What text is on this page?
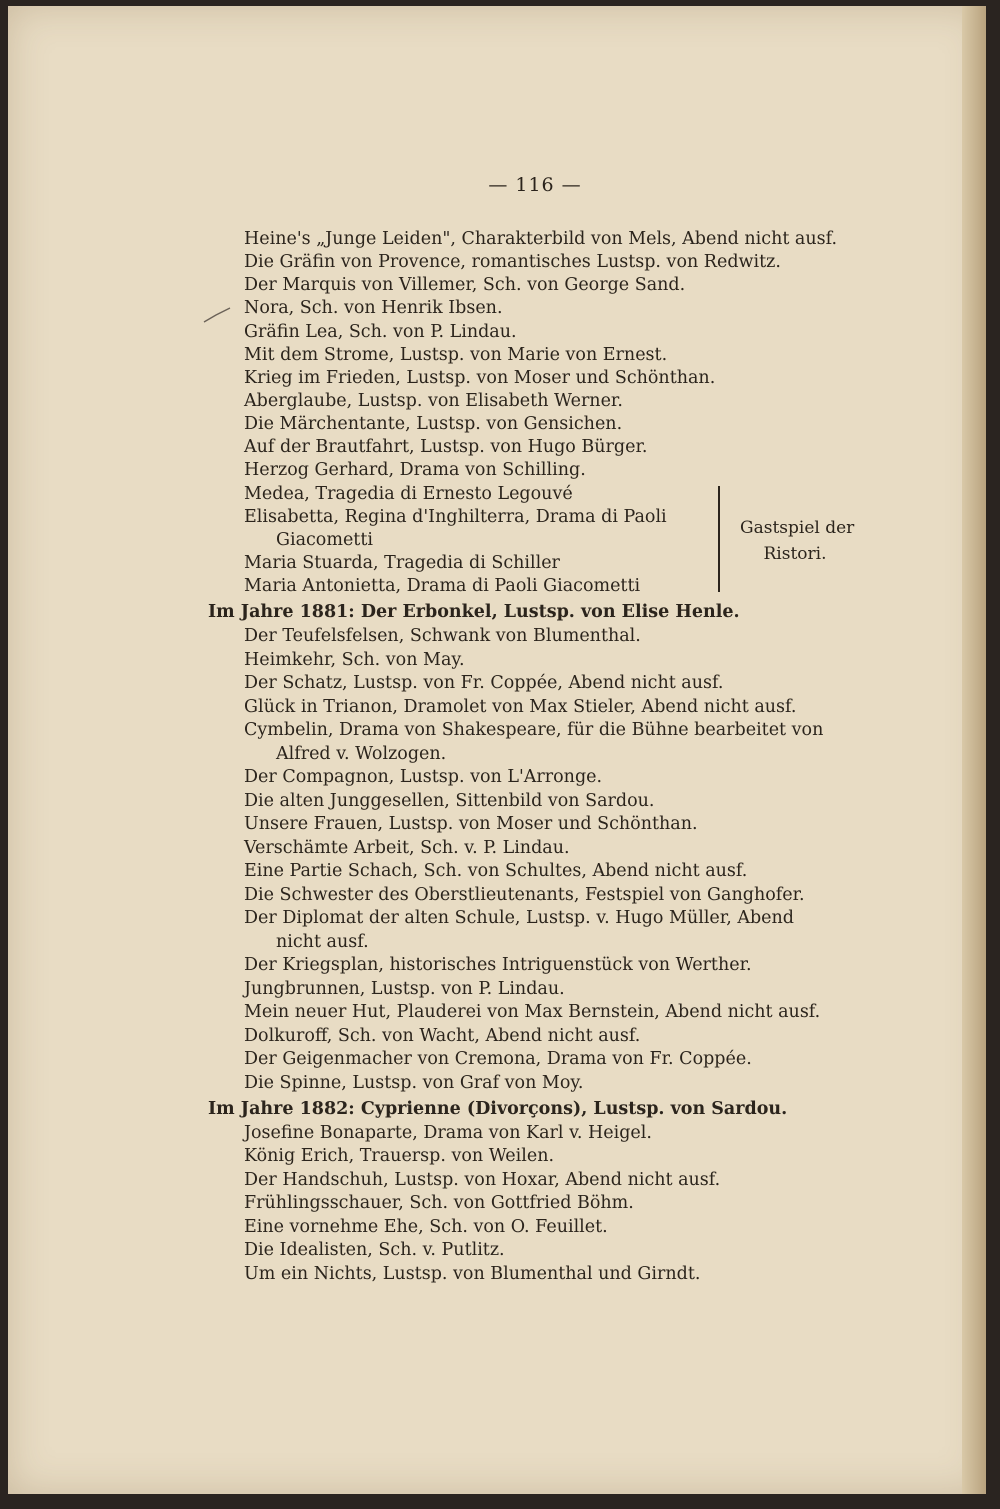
— 116 —
Heine's „Junge Leiden", Charakterbild von Mels, Abend nicht ausf.
Die Gräfin von Provence, romantisches Lustsp. von Redwitz.
Der Marquis von Villemer, Sch. von George Sand.
Nora, Sch. von Henrik Ibsen.
Gräfin Lea, Sch. von P. Lindau.
Mit dem Strome, Lustsp. von Marie von Ernest.
Krieg im Frieden, Lustsp. von Moser und Schönthan.
Aberglaube, Lustsp. von Elisabeth Werner.
Die Märchentante, Lustsp. von Gensichen.
Auf der Brautfahrt, Lustsp. von Hugo Bürger.
Herzog Gerhard, Drama von Schilling.
Medea, Tragedia di Ernesto Legouvé
Elisabetta, Regina d'Inghilterra, Drama di Paoli
Giacometti
Maria Stuarda, Tragedia di Schiller
Maria Antonietta, Drama di Paoli Giacometti
Gastspiel der
Ristori.
Im Jahre 1881: Der Erbonkel, Lustsp. von Elise Henle.
Der Teufelsfelsen, Schwank von Blumenthal.
Heimkehr, Sch. von May.
Der Schatz, Lustsp. von Fr. Coppée, Abend nicht ausf.
Glück in Trianon, Dramolet von Max Stieler, Abend nicht ausf.
Cymbelin, Drama von Shakespeare, für die Bühne bearbeitet von
Alfred v. Wolzogen.
Der Compagnon, Lustsp. von L'Arronge.
Die alten Junggesellen, Sittenbild von Sardou.
Unsere Frauen, Lustsp. von Moser und Schönthan.
Verschämte Arbeit, Sch. v. P. Lindau.
Eine Partie Schach, Sch. von Schultes, Abend nicht ausf.
Die Schwester des Oberstlieutenants, Festspiel von Ganghofer.
Der Diplomat der alten Schule, Lustsp. v. Hugo Müller, Abend
nicht ausf.
Der Kriegsplan, historisches Intriguenstück von Werther.
Jungbrunnen, Lustsp. von P. Lindau.
Mein neuer Hut, Plauderei von Max Bernstein, Abend nicht ausf.
Dolkuroff, Sch. von Wacht, Abend nicht ausf.
Der Geigenmacher von Cremona, Drama von Fr. Coppée.
Die Spinne, Lustsp. von Graf von Moy.
Im Jahre 1882: Cyprienne (Divorçons), Lustsp. von Sardou.
Josefine Bonaparte, Drama von Karl v. Heigel.
König Erich, Trauersp. von Weilen.
Der Handschuh, Lustsp. von Hoxar, Abend nicht ausf.
Frühlingsschauer, Sch. von Gottfried Böhm.
Eine vornehme Ehe, Sch. von O. Feuillet.
Die Idealisten, Sch. v. Putlitz.
Um ein Nichts, Lustsp. von Blumenthal und Girndt.
